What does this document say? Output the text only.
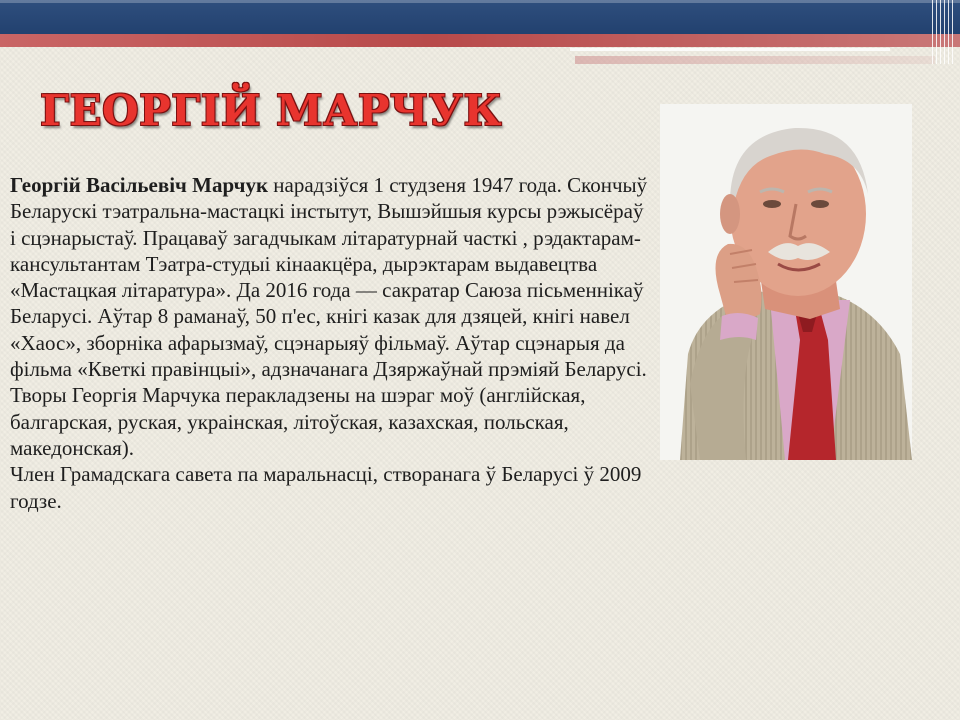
ГЕОРГІЙ МАРЧУК

Георгій Васільевіч Марчук нарадзіўся 1 студзеня 1947 года. Скончыў Беларускі тэатральна-мастацкі інстытут, Вышэйшыя курсы рэжысёраў і сцэнарыстаў. Працаваў загадчыкам літаратурнай часткі , рэдактарам-кансультантам Тэатра-студыі кінаакцёра, дырэктарам выдавецтва «Мастацкая літаратура». Да 2016 года — сакратар Саюза пісьменнікаў Беларусі. Аўтар 8 раманаў, 50 п'ес, кнігі казак для дзяцей, кнігі навел «Хаос», зборніка афарызмаў, сцэнарыяў фільмаў. Аўтар сцэнарыя да фільма «Кветкі правінцыі», адзначанага Дзяржаўнай прэміяй Беларусі.

Творы Георгія Марчука перакладзены на шэраг моў (англійская, балгарская, руская, украінская, літоўская, казахская, польская, македонская).

Член Грамадскага савета па маральнасці, створанага ў Беларусі ў 2009 годзе.
